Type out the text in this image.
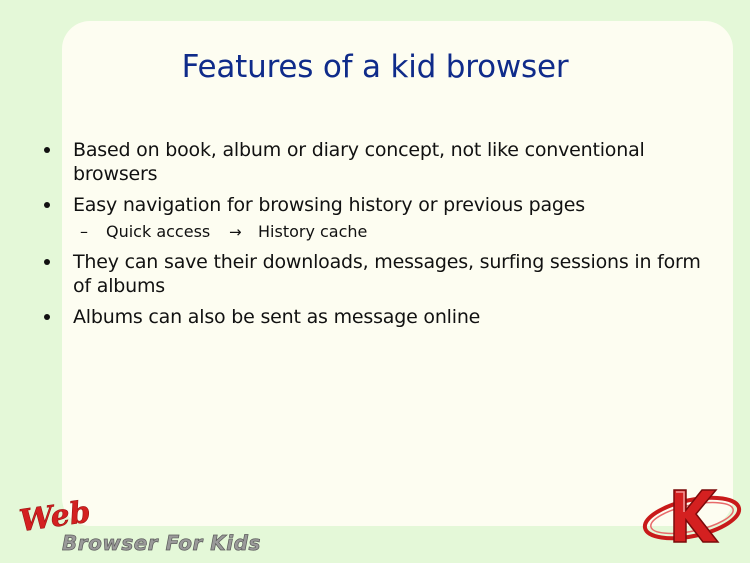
Features of a kid browser
Based on book, album or diary concept, not like conventional browsers
Easy navigation for browsing history or previous pages
– Quick access → History cache
They can save their downloads, messages, surfing sessions in form of albums
Albums can also be sent as message online
Web
Browser For Kids
